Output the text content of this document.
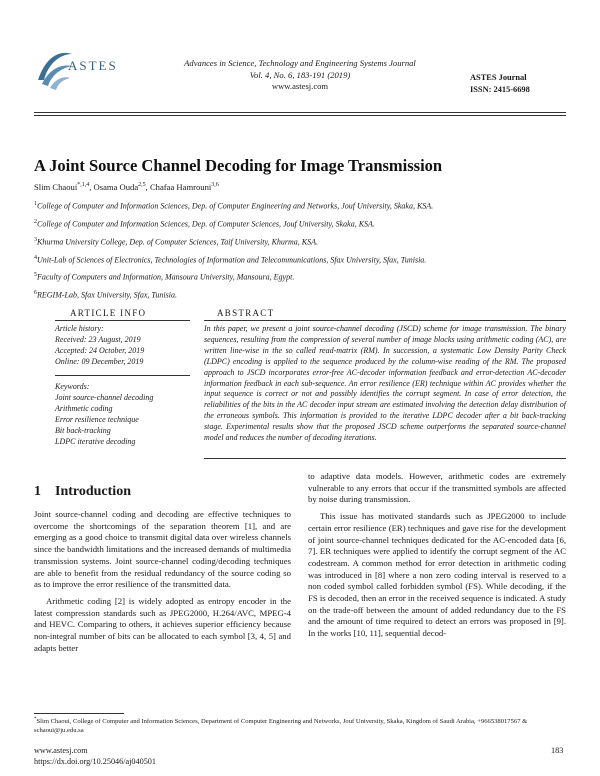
ASTES	Advances in Science, Technology and Engineering Systems Journal
Vol. 4, No. 6, 183-191 (2019)
www.astesj.com
ASTES Journal
ISSN: 2415-6698
A Joint Source Channel Decoding for Image Transmission
Slim Chaoui$^{*,1,4}$, Osama Ouda$^{2,5}$, Chafaa Hamrouni$^{3,6}$
$^1$College of Computer and Information Sciences, Dep. of Computer Engineering and Networks, Jouf University, Skaka, KSA.
$^2$College of Computer and Information Sciences, Dep. of Computer Sciences, Jouf University, Skaka, KSA.
$^3$Khurma University College, Dep. of Computer Sciences, Taif University, Khurma, KSA.
$^4$Unit-Lab of Sciences of Electronics, Technologies of Information and Telecommunications, Sfax University, Sfax, Tunisia.
$^5$Faculty of Computers and Information, Mansoura University, Mansoura, Egypt.
$^6$REGIM-Lab, Sfax University, Sfax, Tunisia.
ARTICLE INFO
Article history:
Received: 23 August, 2019
Accepted: 24 October, 2019
Online: 09 December, 2019
Keywords:
Joint source-channel decoding
Arithmetic coding
Error resilience technique
Bit back-tracking
LDPC iterative decoding
ABSTRACT
In this paper, we present a joint source-channel decoding (JSCD) scheme for image transmission. The binary sequences, resulting from the compression of several number of image blocks using arithmetic coding (AC), are written line-wise in the so called read-matrix (RM). In succession, a systematic Low Density Parity Check (LDPC) encoding is applied to the sequence produced by the column-wise reading of the RM. The proposed approach to JSCD incorporates error-free AC-decoder information feedback and error-detection AC-decoder information feedback in each sub-sequence. An error resilience (ER) technique within AC provides whether the input sequence is correct or not and possibly identifies the corrupt segment. In case of error detection, the reliabilities of the bits in the AC decoder input stream are estimated involving the detection delay distribution of the erroneous symbols. This information is provided to the iterative LDPC decoder after a bit back-tracking stage. Experimental results show that the proposed JSCD scheme outperforms the separated source-channel model and reduces the number of decoding iterations.
1 Introduction

Joint source-channel coding and decoding are effective techniques to overcome the shortcomings of the separation theorem [1], and are emerging as a good choice to transmit digital data over wireless channels since the bandwidth limitations and the increased demands of multimedia transmission systems. Joint source-channel coding/decoding techniques are able to benefit from the residual redundancy of the source coding so as to improve the error resilience of the transmitted data.

Arithmetic coding [2] is widely adopted as entropy encoder in the latest compression standards such as JPEG2000, H.264/AVC, MPEG-4 and HEVC. Comparing to others, it achieves superior efficiency because non-integral number of bits can be allocated to each symbol [3, 4, 5] and adapts better

to adaptive data models. However, arithmetic codes are extremely vulnerable to any errors that occur if the transmitted symbols are affected by noise during transmission.

This issue has motivated standards such as JPEG2000 to include certain error resilience (ER) techniques and gave rise for the development of joint source-channel techniques dedicated for the AC-encoded data [6, 7]. ER techniques were applied to identify the corrupt segment of the AC codestream. A common method for error detection in arithmetic coding was introduced in [8] where a non zero coding interval is reserved to a non coded symbol called forbidden symbol (FS). While decoding, if the FS is decoded, then an error in the received sequence is indicated. A study on the trade-off between the amount of added redundancy due to the FS and the amount of time required to detect an errors was proposed in [9]. In the works [10, 11], sequential decod-

*Slim Chaoui, College of Computer and Information Sciences, Department of Computer Engineering and Networks, Jouf University, Skaka, Kingdom of Saudi Arabia, +966538017567 & schaoui@ju.edu.sa
www.astesj.com
https://dx.doi.org/10.25046/aj040501
183
